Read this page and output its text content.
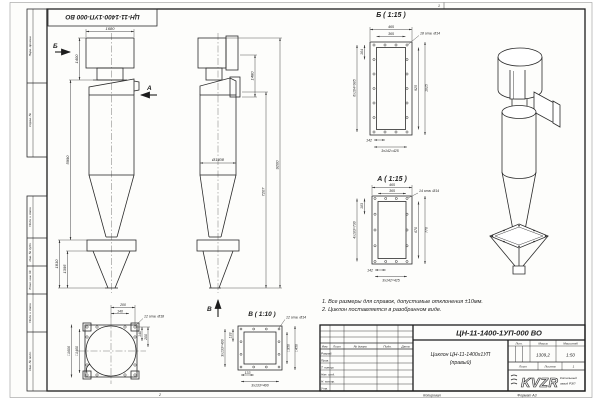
1
2
Перв. примен.
Справ. №
Подп. и дата
Инв. № дубл.
Взам. инв. №
Подп. и дата
Инв. № подл.
ЦН-11-1400-1УП-000 ВО
1680
1400
5990
1810
1395
Б
А
Ø1408
1480
7207
9200
В
Б ( 1:15 )
465
365
1025
925
6х164=985
164
142
3х142=425
18 отв. Ø14
А ( 1:15 )
465
365
770
670
4х183=730
183
142
3х142=425
14 отв. Ø14
200
140
140
200
□1606 □1460
12 отв. Ø18	В ( 1:10 )
133
3х133=400	□350 □450
133
3х133=400
12 отв. Ø14
1. Все размеры для справок, допустимые отклонения ±10мм.
2. Циклон поставляется в разобранном виде.
ЦН-11-1400-1УП-000 ВО
Циклон ЦН-11-1400х1УП
(правый)
Изм.	Лист	№ докум.	Подп.	Дата
Разраб.
Пров.
Т. контр.
Нач. отд.
Н. контр.
Утв.
Лит.	Масса	Масштаб
1309,2	1:50
Лист	Листов	1
KVZR Котельный
завод РЭП
Копировал	Формат А3
